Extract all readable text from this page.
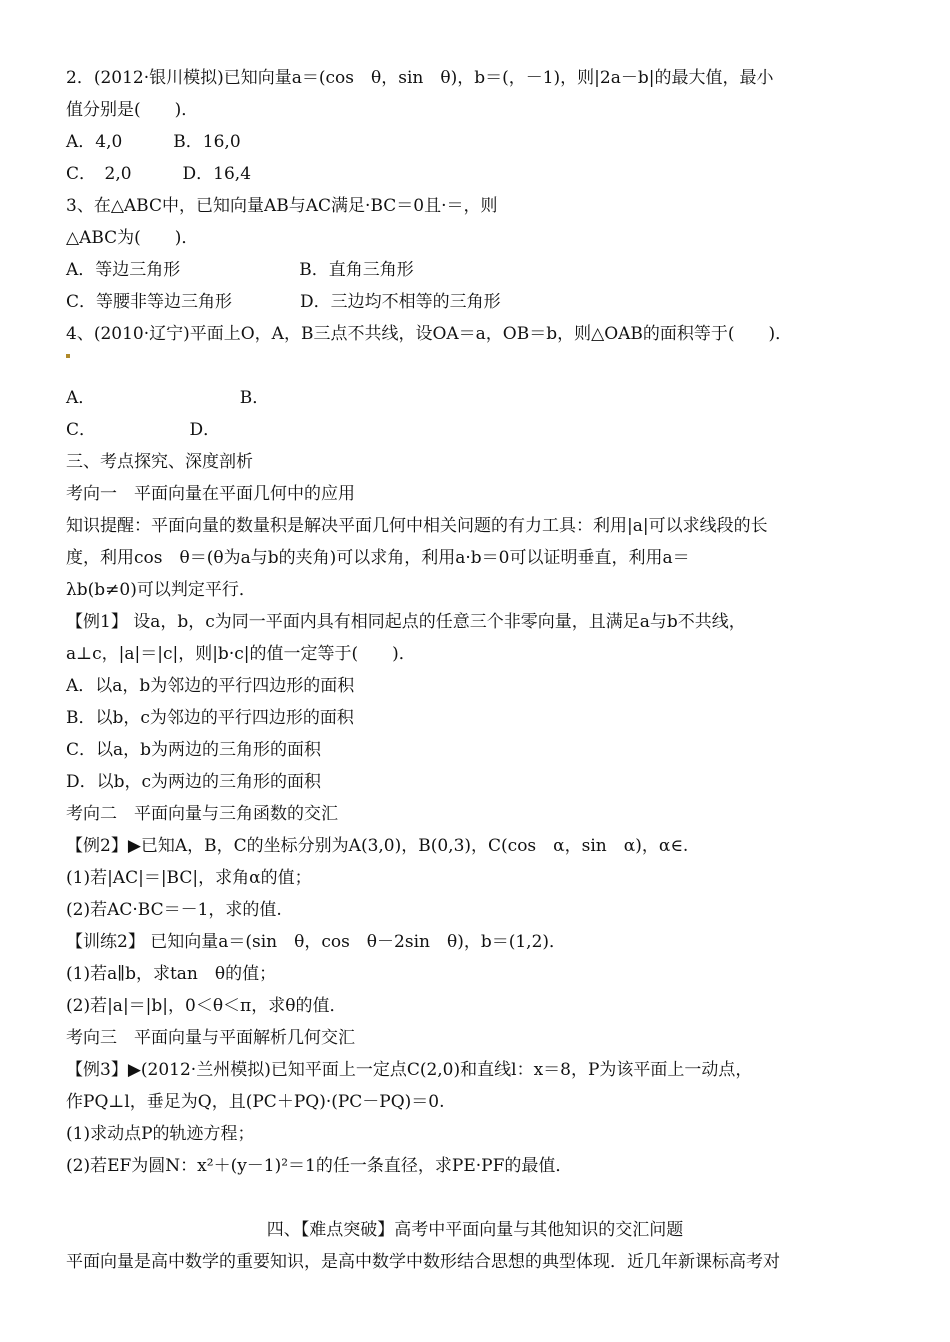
2．(2012·银川模拟)已知向量a＝(cos　θ，sin　θ)，b＝(，－1)，则|2a－b|的最大值，最小
值分别是(　　)．
A．4,0　　　B．16,0
C．　2,0　　　D．16,4
3、在△ABC中，已知向量AB与AC满足·BC＝0且·＝，则
△ABC为(　　)．
A．等边三角形　　　　　　　B．直角三角形
C．等腰非等边三角形　　　　D．三边均不相等的三角形
4、(2010·辽宁)平面上O，A，B三点不共线，设OA＝a，OB＝b，则△OAB的面积等于(　　)．
A．　　　　　　　　　B．
C．　　　　　　D．
三、考点探究、深度剖析
考向一　平面向量在平面几何中的应用
知识提醒：平面向量的数量积是解决平面几何中相关问题的有力工具：利用|a|可以求线段的长
度，利用cos　θ＝(θ为a与b的夹角)可以求角，利用a·b＝0可以证明垂直，利用a＝
λb(b≠0)可以判定平行．
【例1】 设a，b，c为同一平面内具有相同起点的任意三个非零向量，且满足a与b不共线，
a⊥c，|a|＝|c|，则|b·c|的值一定等于(　　)．
A．以a，b为邻边的平行四边形的面积
B．以b，c为邻边的平行四边形的面积
C．以a，b为两边的三角形的面积
D．以b，c为两边的三角形的面积
考向二　平面向量与三角函数的交汇
【例2】▶已知A，B，C的坐标分别为A(3,0)，B(0,3)，C(cos　α，sin　α)，α∈.
(1)若|AC|＝|BC|，求角α的值；
(2)若AC·BC＝－1，求的值.
【训练2】 已知向量a＝(sin　θ，cos　θ－2sin　θ)，b＝(1,2)．
(1)若a∥b，求tan　θ的值；
(2)若|a|＝|b|，0＜θ＜π，求θ的值．
考向三　平面向量与平面解析几何交汇
【例3】▶(2012·兰州模拟)已知平面上一定点C(2,0)和直线l：x＝8，P为该平面上一动点，
作PQ⊥l，垂足为Q，且(PC＋PQ)·(PC－PQ)＝0.
(1)求动点P的轨迹方程；
(2)若EF为圆N：x²＋(y－1)²＝1的任一条直径，求PE·PF的最值．
四、【难点突破】高考中平面向量与其他知识的交汇问题
平面向量是高中数学的重要知识，是高中数学中数形结合思想的典型体现．近几年新课标高考对
